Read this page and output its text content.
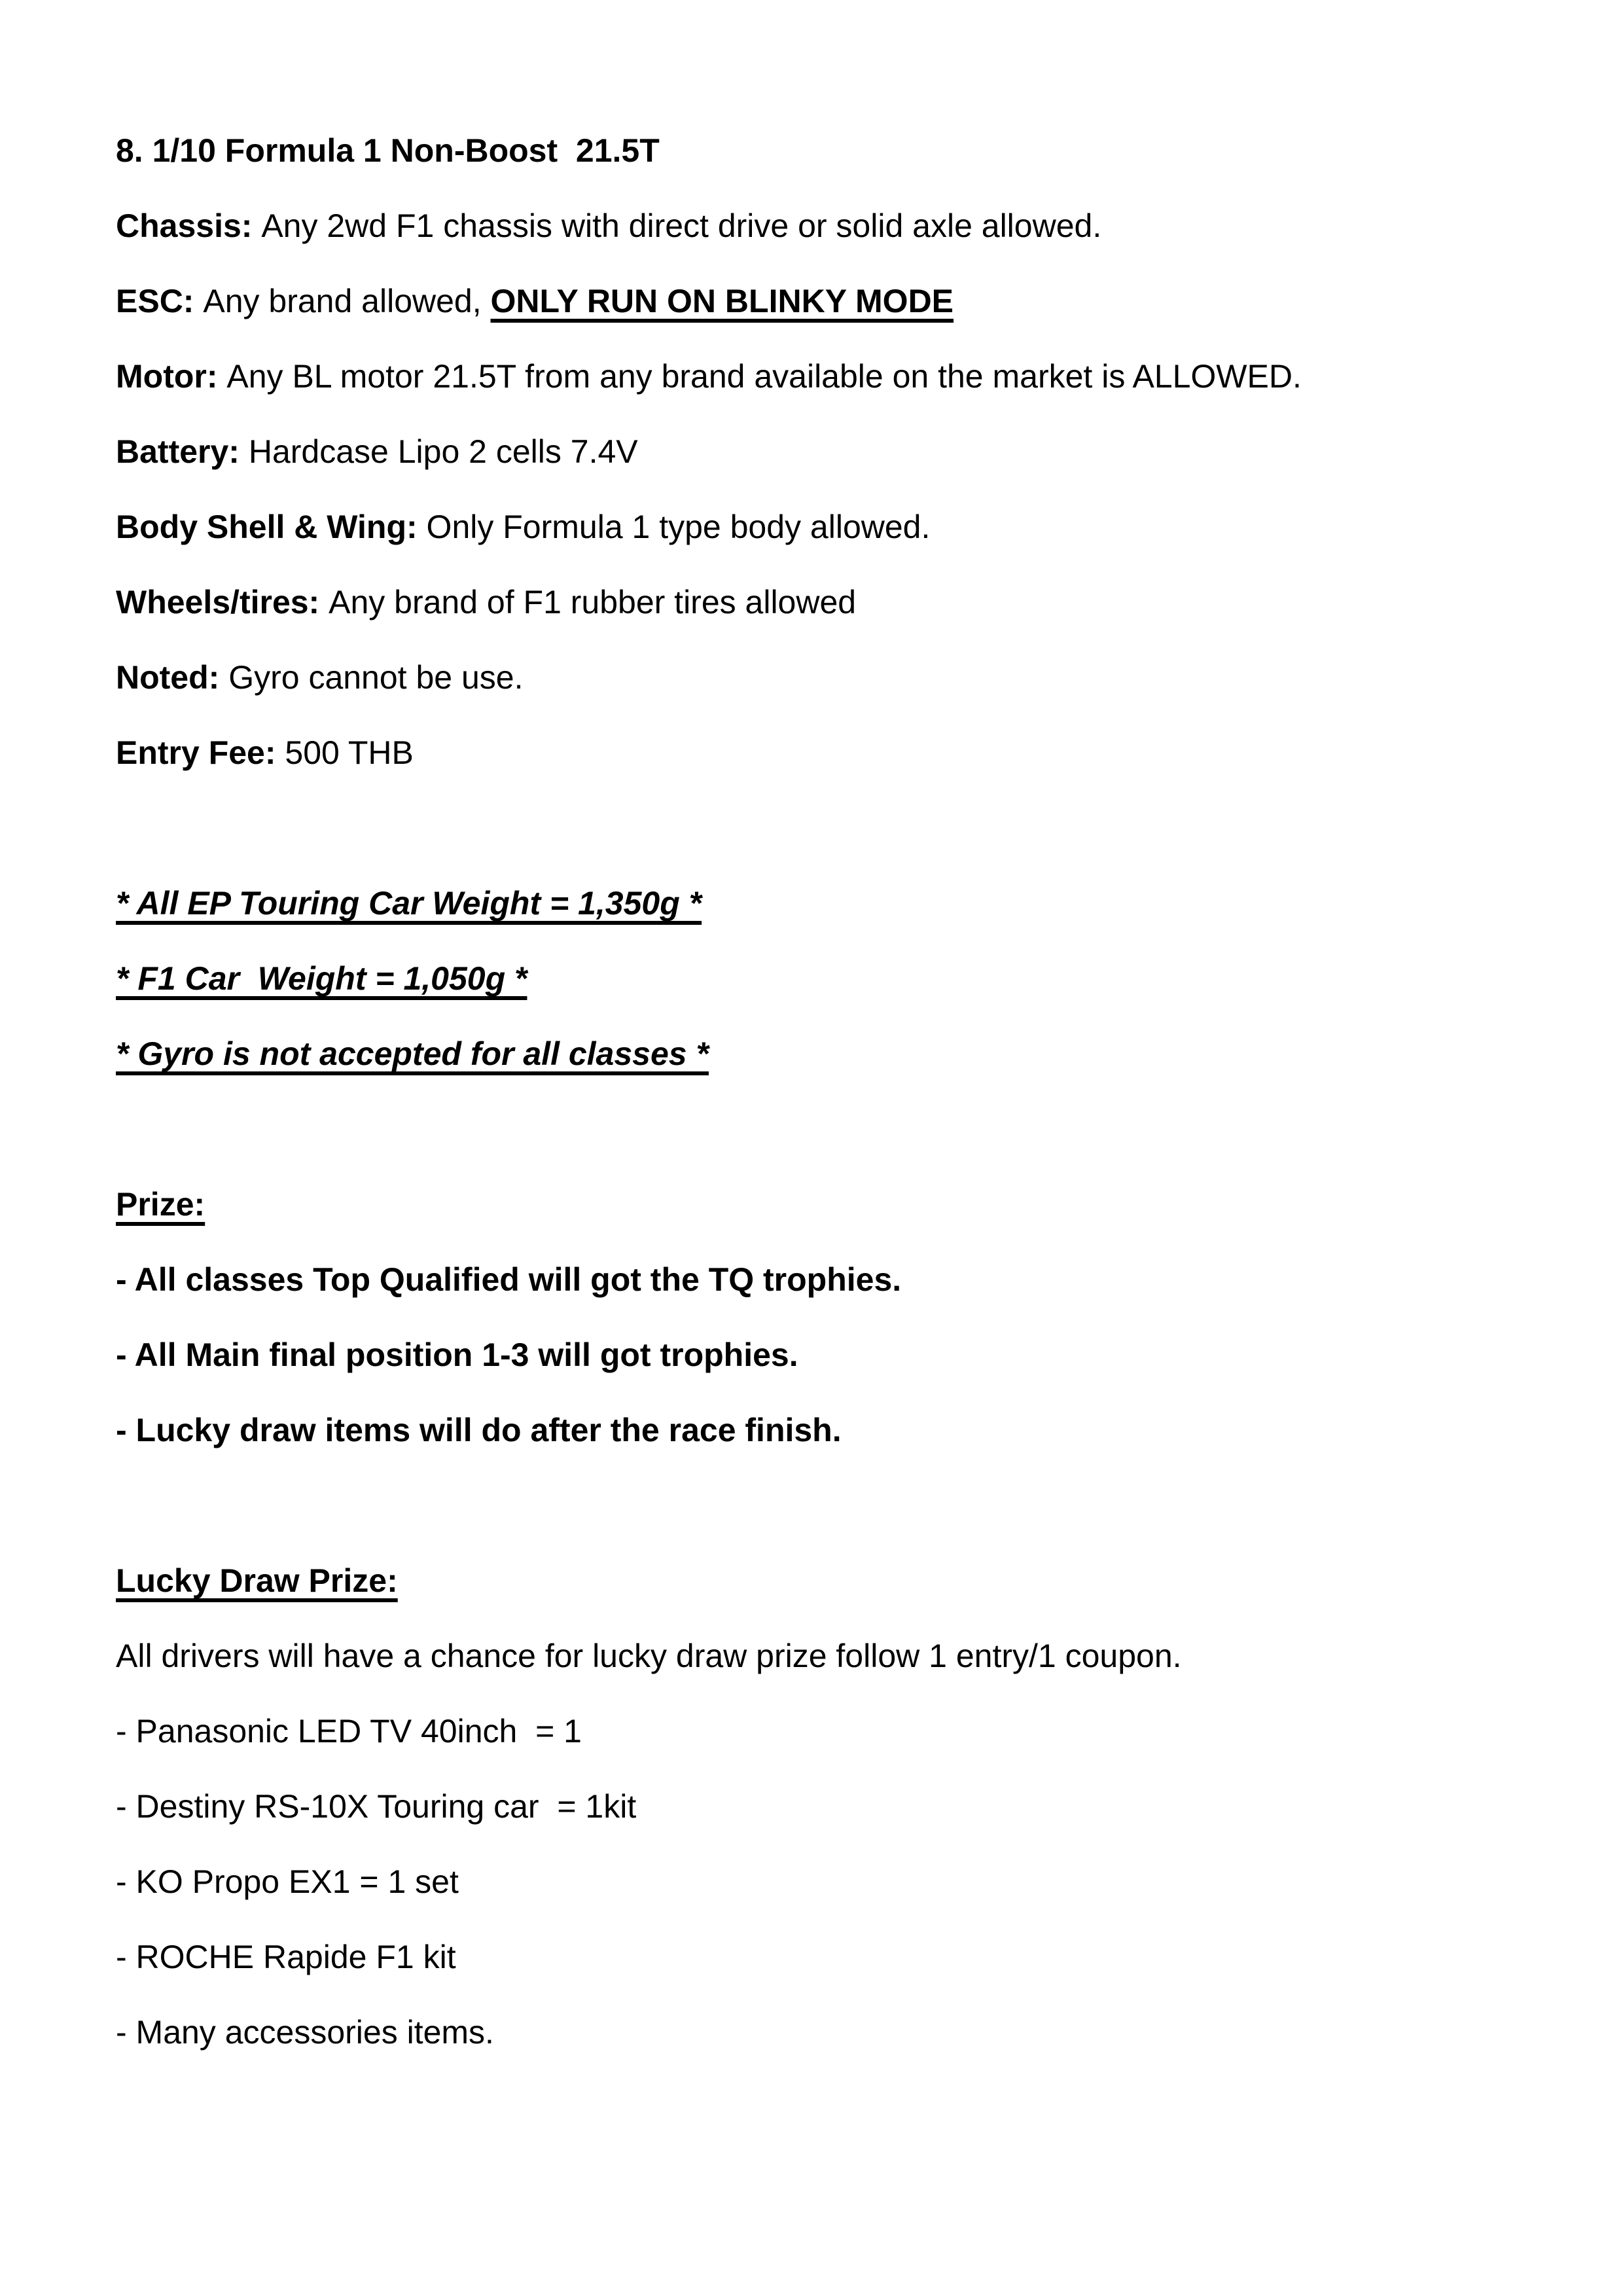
8. 1/10 Formula 1 Non-Boost  21.5T
Chassis: Any 2wd F1 chassis with direct drive or solid axle allowed.
ESC: Any brand allowed, ONLY RUN ON BLINKY MODE
Motor: Any BL motor 21.5T from any brand available on the market is ALLOWED.
Battery: Hardcase Lipo 2 cells 7.4V
Body Shell & Wing: Only Formula 1 type body allowed.
Wheels/tires: Any brand of F1 rubber tires allowed
Noted: Gyro cannot be use.
Entry Fee: 500 THB
* All EP Touring Car Weight = 1,350g *
* F1 Car  Weight = 1,050g *
* Gyro is not accepted for all classes *
Prize:
- All classes Top Qualified will got the TQ trophies.
- All Main final position 1-3 will got trophies.
- Lucky draw items will do after the race finish.
Lucky Draw Prize:
All drivers will have a chance for lucky draw prize follow 1 entry/1 coupon.
- Panasonic LED TV 40inch  = 1
- Destiny RS-10X Touring car  = 1kit
- KO Propo EX1 = 1 set
- ROCHE Rapide F1 kit
- Many accessories items.
